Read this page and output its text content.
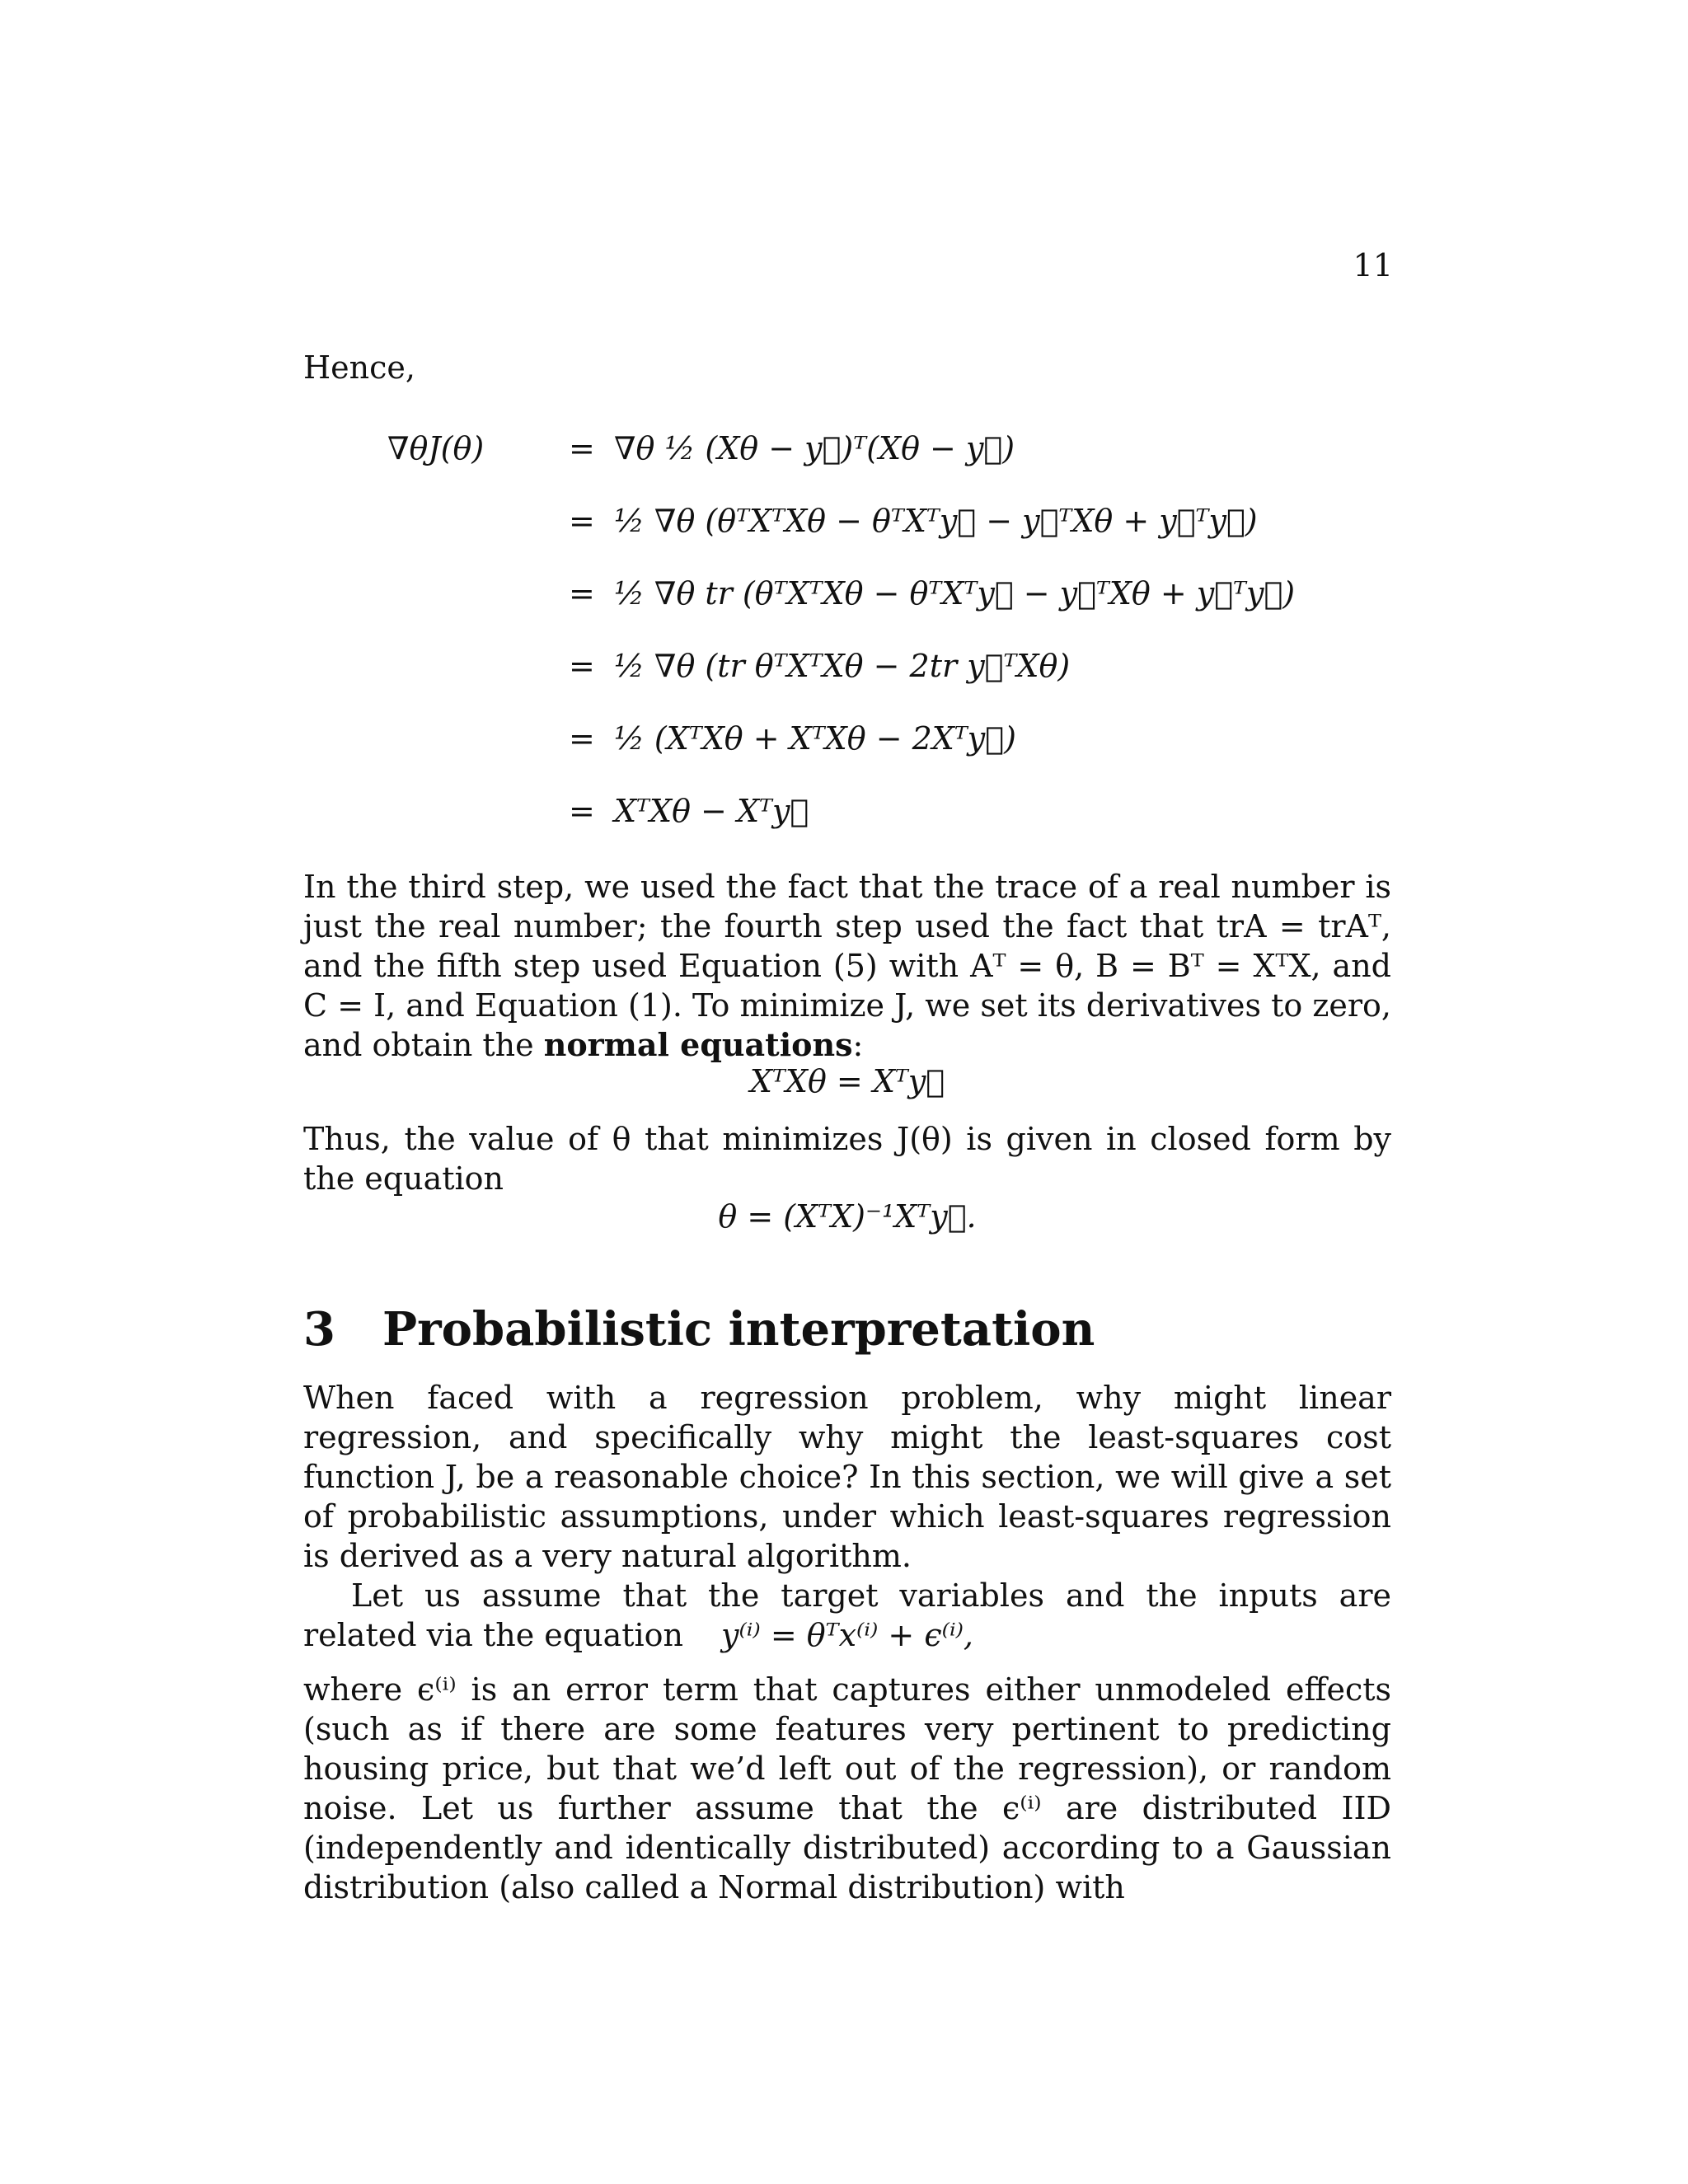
11

Hence,

∇θJ(θ)	= ∇θ ½ (Xθ − y⃗)ᵀ(Xθ − y⃗)
= ½ ∇θ (θᵀXᵀXθ − θᵀXᵀy⃗ − y⃗ᵀXθ + y⃗ᵀy⃗)
= ½ ∇θ tr (θᵀXᵀXθ − θᵀXᵀy⃗ − y⃗ᵀXθ + y⃗ᵀy⃗)
= ½ ∇θ (tr θᵀXᵀXθ − 2tr y⃗ᵀXθ)
= ½ (XᵀXθ + XᵀXθ − 2Xᵀy⃗)
= XᵀXθ − Xᵀy⃗

In the third step, we used the fact that the trace of a real number is just the real number; the fourth step used the fact that trA = trAᵀ, and the fifth step used Equation (5) with Aᵀ = θ, B = Bᵀ = XᵀX, and C = I, and Equation (1). To minimize J, we set its derivatives to zero, and obtain the normal equations:

XᵀXθ = Xᵀy⃗

Thus, the value of θ that minimizes J(θ) is given in closed form by the equation

θ = (XᵀX)⁻¹Xᵀy⃗.
3 Probabilistic interpretation

When faced with a regression problem, why might linear regression, and specifically why might the least-squares cost function J, be a reasonable choice? In this section, we will give a set of probabilistic assumptions, under which least-squares regression is derived as a very natural algorithm.

Let us assume that the target variables and the inputs are related via the equation	y⁽ⁱ⁾ = θᵀx⁽ⁱ⁾ + ϵ⁽ⁱ⁾,

where ϵ⁽ⁱ⁾ is an error term that captures either unmodeled effects (such as if there are some features very pertinent to predicting housing price, but that we’d left out of the regression), or random noise. Let us further assume that the ϵ⁽ⁱ⁾ are distributed IID (independently and identically distributed) according to a Gaussian distribution (also called a Normal distribution) with
